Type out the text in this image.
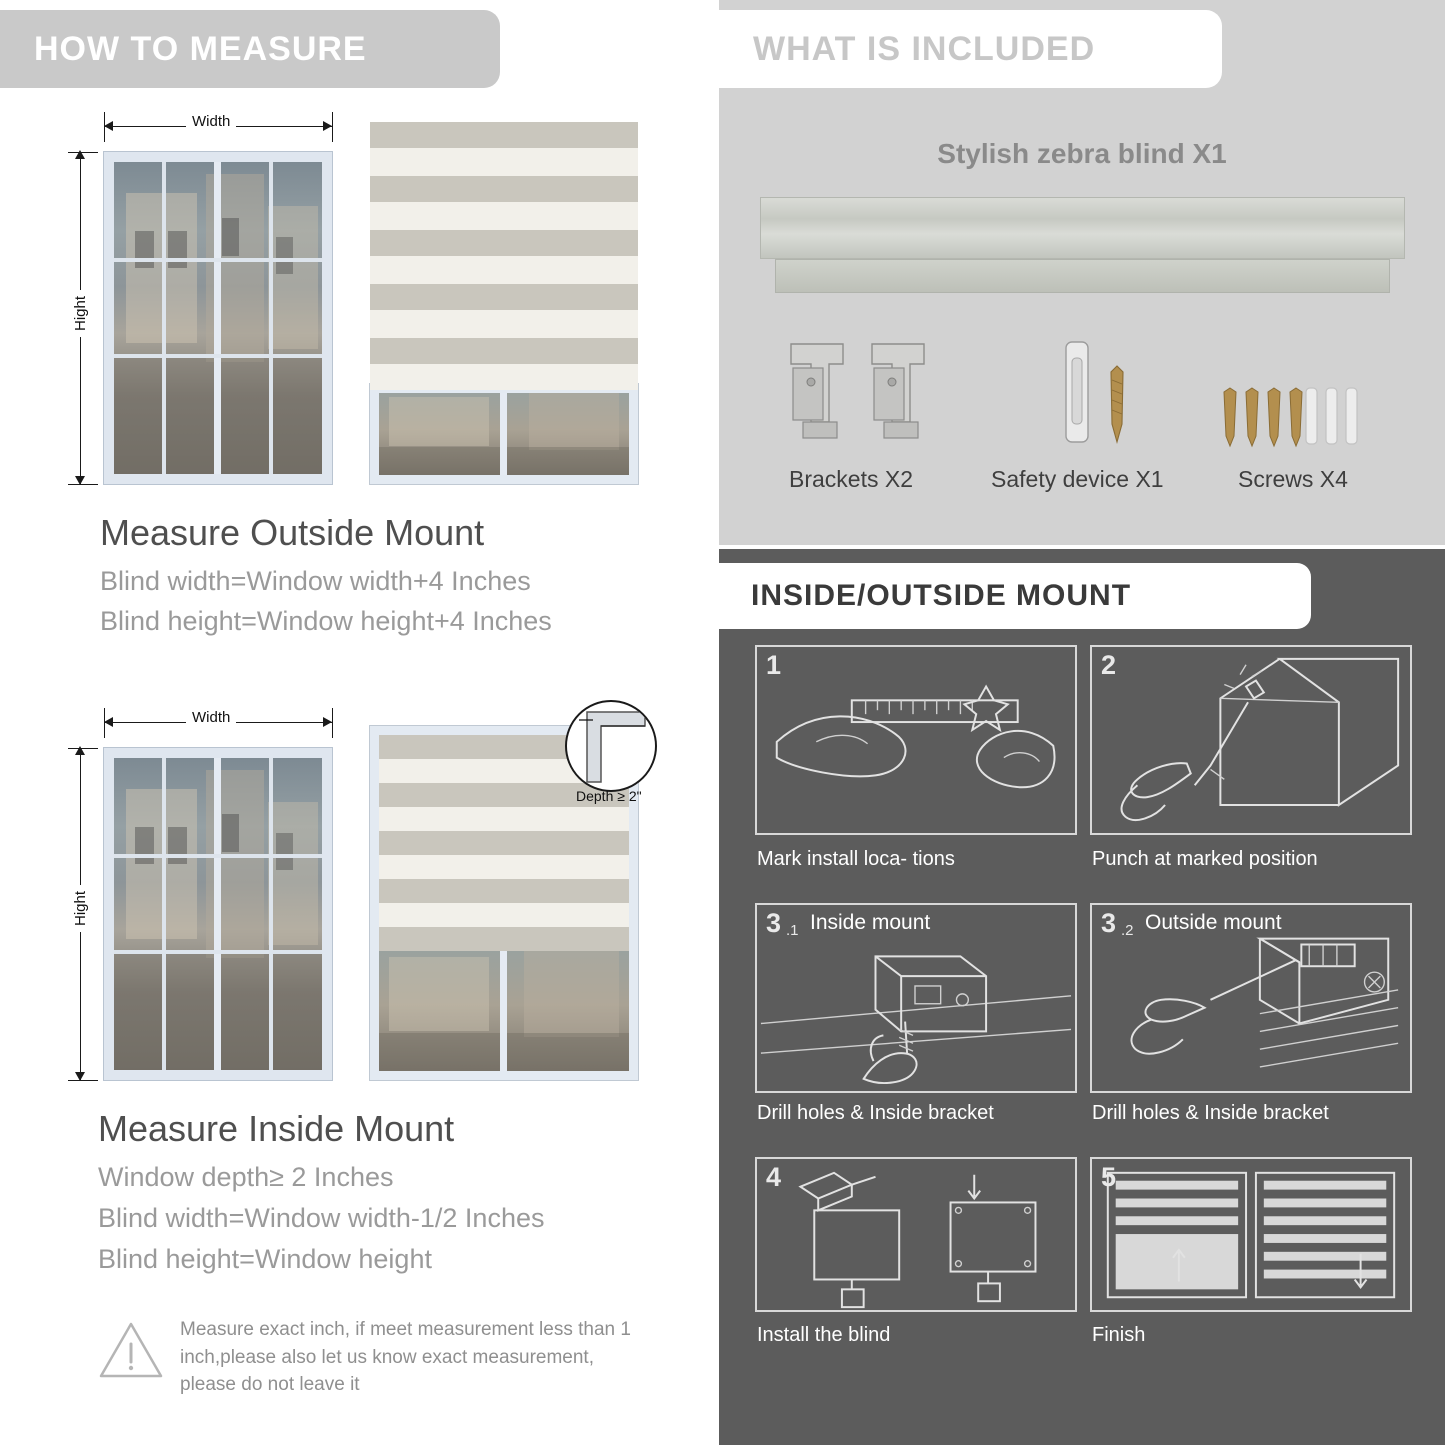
HOW TO MEASURE
Width
Hight
Measure Outside Mount
Blind width=Window width+4 Inches
Blind height=Window height+4 Inches
Width
Hight
Depth ≥ 2"
Measure Inside Mount
Window depth≥ 2 Inches
Blind width=Window width-1/2 Inches
Blind height=Window height
Measure exact inch, if meet measurement less than 1 inch,please also let us know exact measurement, please do not leave it
WHAT IS INCLUDED
Stylish zebra blind X1
Brackets X2	Safety device X1	Screws X4
INSIDE/OUTSIDE MOUNT
1
Mark install loca- tions
2
Punch at marked position
3 .1 Inside mount
Drill holes & Inside bracket
3 .2 Outside mount
Drill holes & Inside bracket
4
Install the blind
5
Finish
